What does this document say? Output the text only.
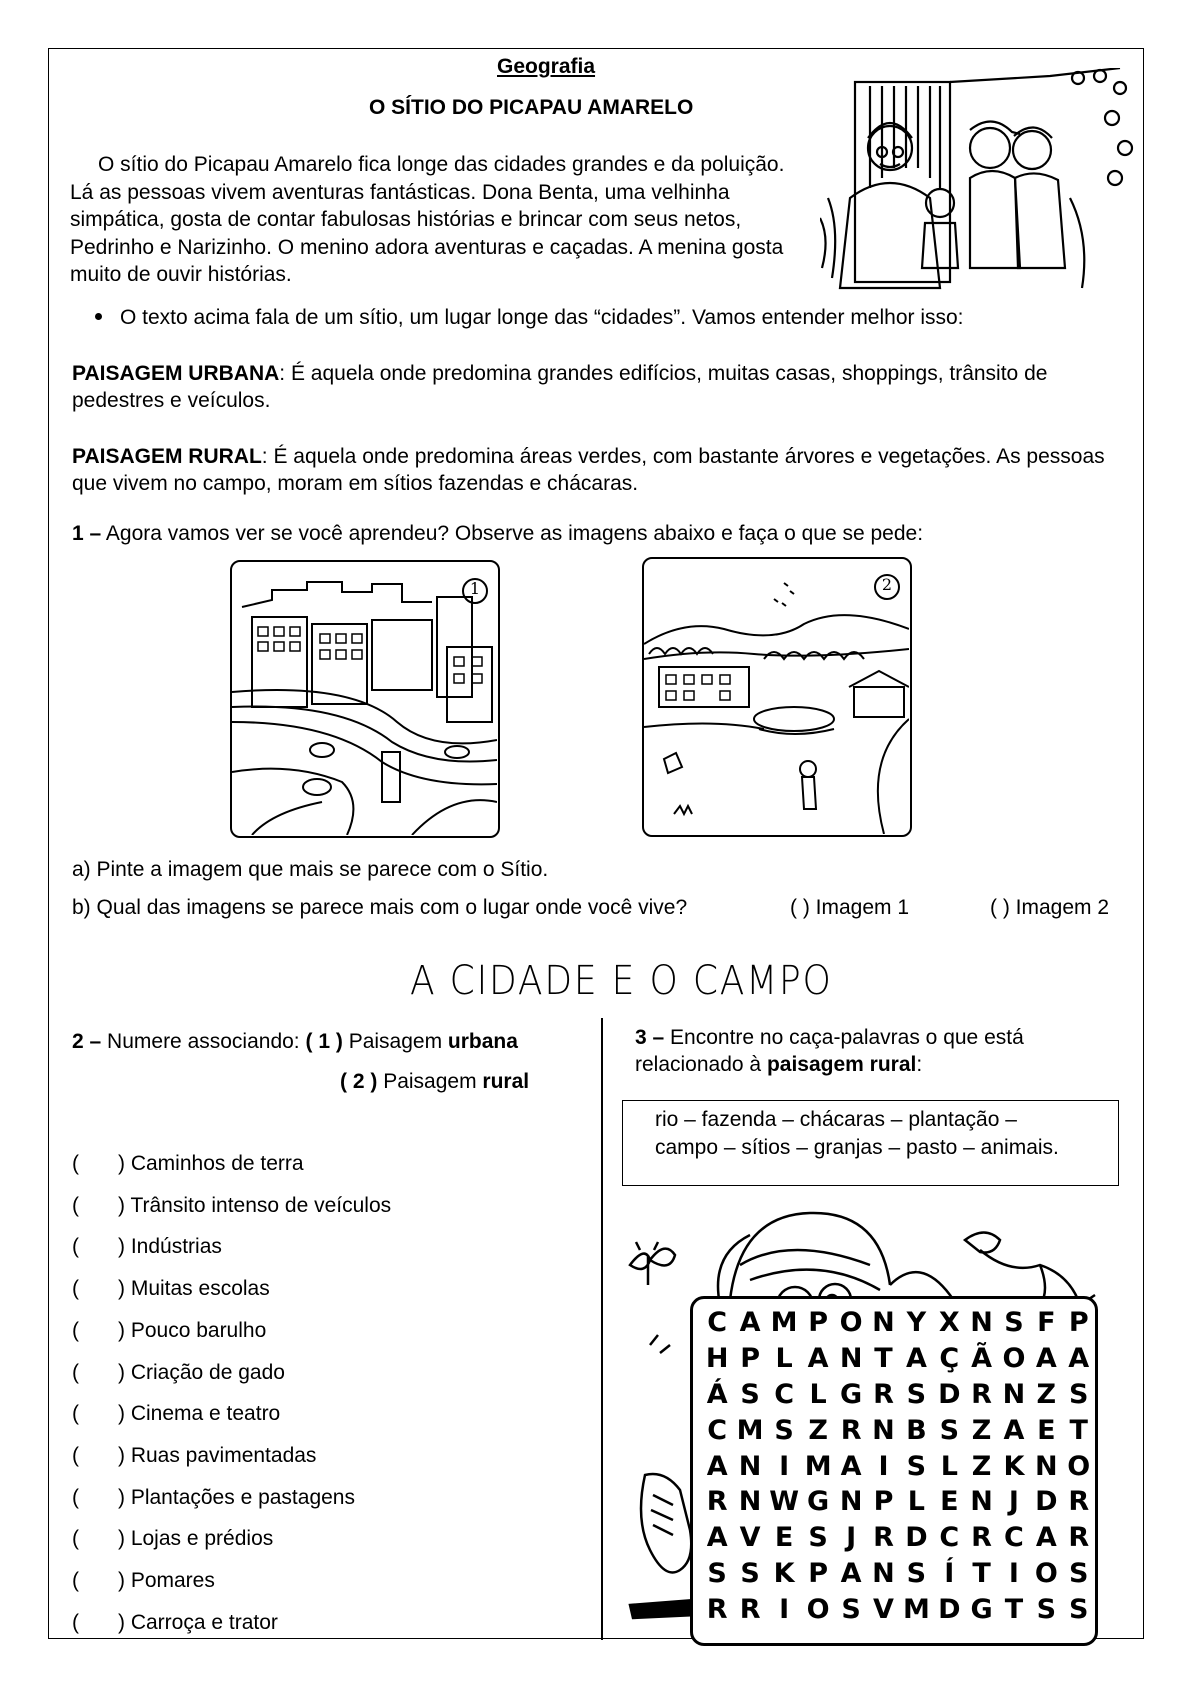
Geografia
O SÍTIO DO PICAPAU AMARELO
O sítio do Picapau Amarelo fica longe das cidades grandes e da poluição. Lá as pessoas vivem aventuras fantásticas. Dona Benta, uma velhinha simpática, gosta de contar fabulosas histórias e brincar com seus netos, Pedrinho e Narizinho. O menino adora aventuras e caçadas. A menina gosta muito de ouvir histórias.
O texto acima fala de um sítio, um lugar longe das “cidades”. Vamos entender melhor isso:
PAISAGEM URBANA: É aquela onde predomina grandes edifícios, muitas casas, shoppings, trânsito de pedestres e veículos.
PAISAGEM RURAL: É aquela onde predomina áreas verdes, com bastante árvores e vegetações. As pessoas que vivem no campo, moram em sítios fazendas e chácaras.
1 – Agora vamos ver se você aprendeu? Observe as imagens abaixo e faça o que se pede:
1	2
a) Pinte a imagem que mais se parece com o Sítio.
b) Qual das imagens se parece mais com o lugar onde você vive?	( ) Imagem 1	( ) Imagem 2
A CIDADE E O CAMPO
2 – Numere associando: ( 1 ) Paisagem urbana
( 2 ) Paisagem rural
( ) Caminhos de terra
( ) Trânsito intenso de veículos
( ) Indústrias
( ) Muitas escolas
( ) Pouco barulho
( ) Criação de gado
( ) Cinema e teatro
( ) Ruas pavimentadas
( ) Plantações e pastagens
( ) Lojas e prédios
( ) Pomares
( ) Carroça e trator
3 – Encontre no caça-palavras o que está relacionado à paisagem rural:
rio – fazenda – chácaras – plantação –
campo – sítios – granjas – pasto – animais.
C	A	M	P	O	N	Y	X	N	S	F	P
H	P	L	A	N	T	A	Ç	Ã	O	A	A
Á	S	C	L	G	R	S	D	R	N	Z	S
C	M	S	Z	R	N	B	S	Z	A	E	T
A	N	I	M	A	I	S	L	Z	K	N	O
R	N	W	G	N	P	L	E	N	J	D	R
A	V	E	S	J	R	D	C	R	C	A	R
S	S	K	P	A	N	S	Í	T	I	O	S
R	R	I	O	S	V	M	D	G	T	S	S
